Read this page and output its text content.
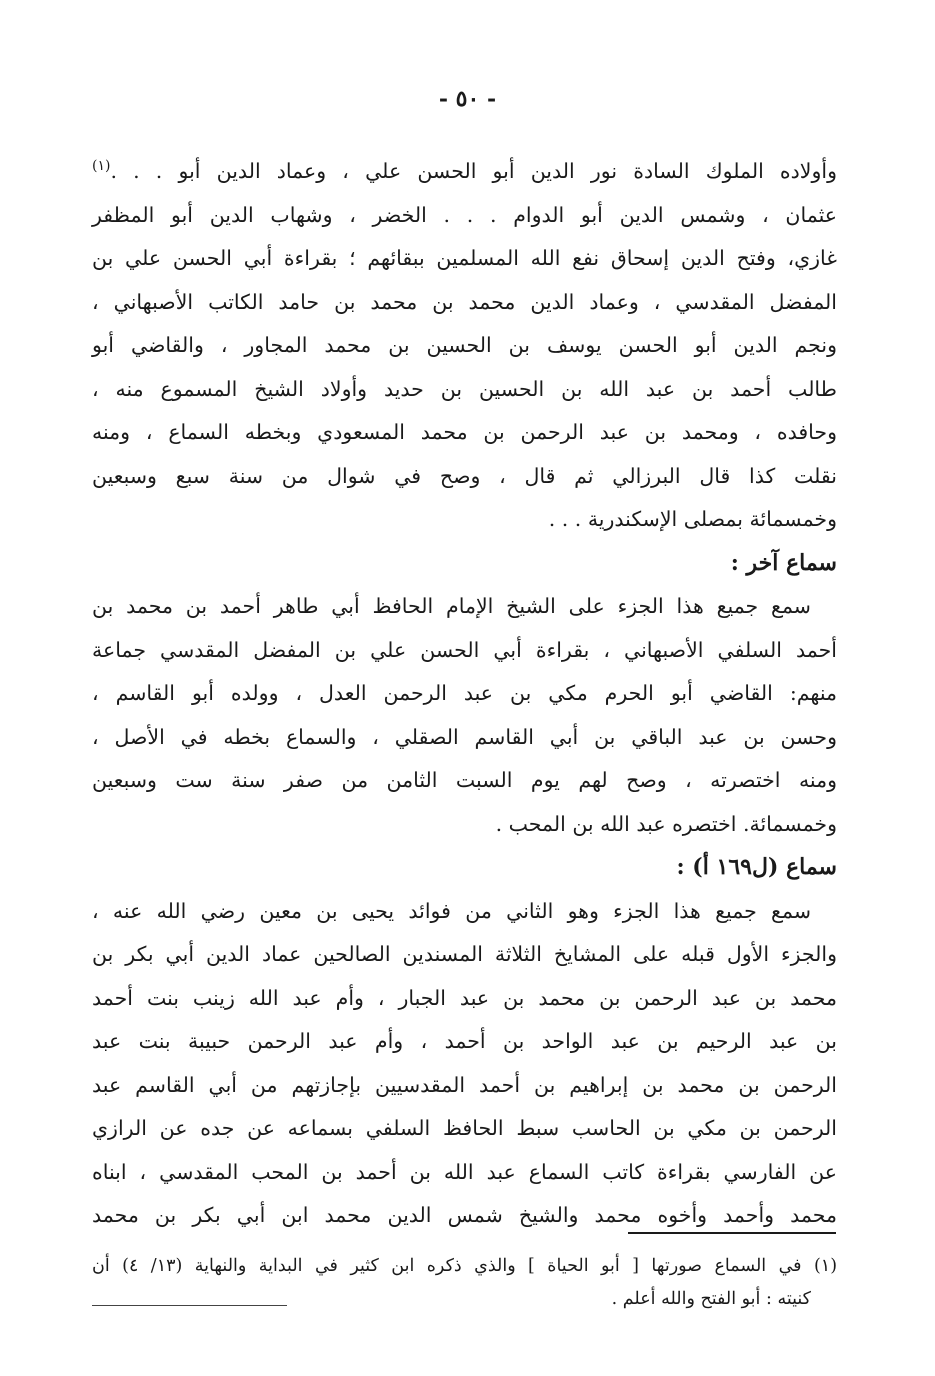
- ٥٠ -
وأولاده الملوك السادة نور الدين أبو الحسن علي ، وعماد الدين أبو . . .$^{(١)}$
عثمان ، وشمس الدين أبو الدوام . . . الخضر ، وشهاب الدين أبو المظفر
غازي، وفتح الدين إسحاق نفع الله المسلمين ببقائهم ؛ بقراءة أبي الحسن علي بن
المفضل المقدسي ، وعماد الدين محمد بن محمد بن حامد الكاتب الأصبهاني ،
ونجم الدين أبو الحسن يوسف بن الحسين بن محمد المجاور ، والقاضي أبو
طالب أحمد بن عبد الله بن الحسين بن حديد وأولاد الشيخ المسموع منه ،
وحافده ، ومحمد بن عبد الرحمن بن محمد المسعودي وبخطه السماع ، ومنه
نقلت كذا قال البرزالي ثم قال ، وصح في شوال من سنة سبع وسبعين
وخمسمائة بمصلى الإسكندرية . . .
سماع آخر :
سمع جميع هذا الجزء على الشيخ الإمام الحافظ أبي طاهر أحمد بن محمد بن
أحمد السلفي الأصبهاني ، بقراءة أبي الحسن علي بن المفضل المقدسي جماعة
منهم: القاضي أبو الحرم مكي بن عبد الرحمن العدل ، وولده أبو القاسم ،
وحسن بن عبد الباقي بن أبي القاسم الصقلي ، والسماع بخطه في الأصل ،
ومنه اختصرته ، وصح لهم يوم السبت الثامن من صفر سنة ست وسبعين
وخمسمائة. اختصره عبد الله بن المحب .
سماع (ل١٦٩ أ) :
سمع جميع هذا الجزء وهو الثاني من فوائد يحيى بن معين رضي الله عنه ،
والجزء الأول قبله على المشايخ الثلاثة المسندين الصالحين عماد الدين أبي بكر بن
محمد بن عبد الرحمن بن محمد بن عبد الجبار ، وأم عبد الله زينب بنت أحمد
بن عبد الرحيم بن عبد الواحد بن أحمد ، وأم عبد الرحمن حبيبة بنت عبد
الرحمن بن محمد بن إبراهيم بن أحمد المقدسيين بإجازتهم من أبي القاسم عبد
الرحمن بن مكي بن الحاسب سبط الحافظ السلفي بسماعه عن جده عن الرازي
عن الفارسي بقراءة كاتب السماع عبد الله بن أحمد بن المحب المقدسي ، ابناه
محمد وأحمد وأخوه محمد والشيخ شمس الدين محمد ابن أبي بكر بن محمد
(١) في السماع صورتها [ أبو الحياة ] والذي ذكره ابن كثير في البداية والنهاية (١٣/ ٤) أن
كنيته : أبو الفتح والله أعلم .
